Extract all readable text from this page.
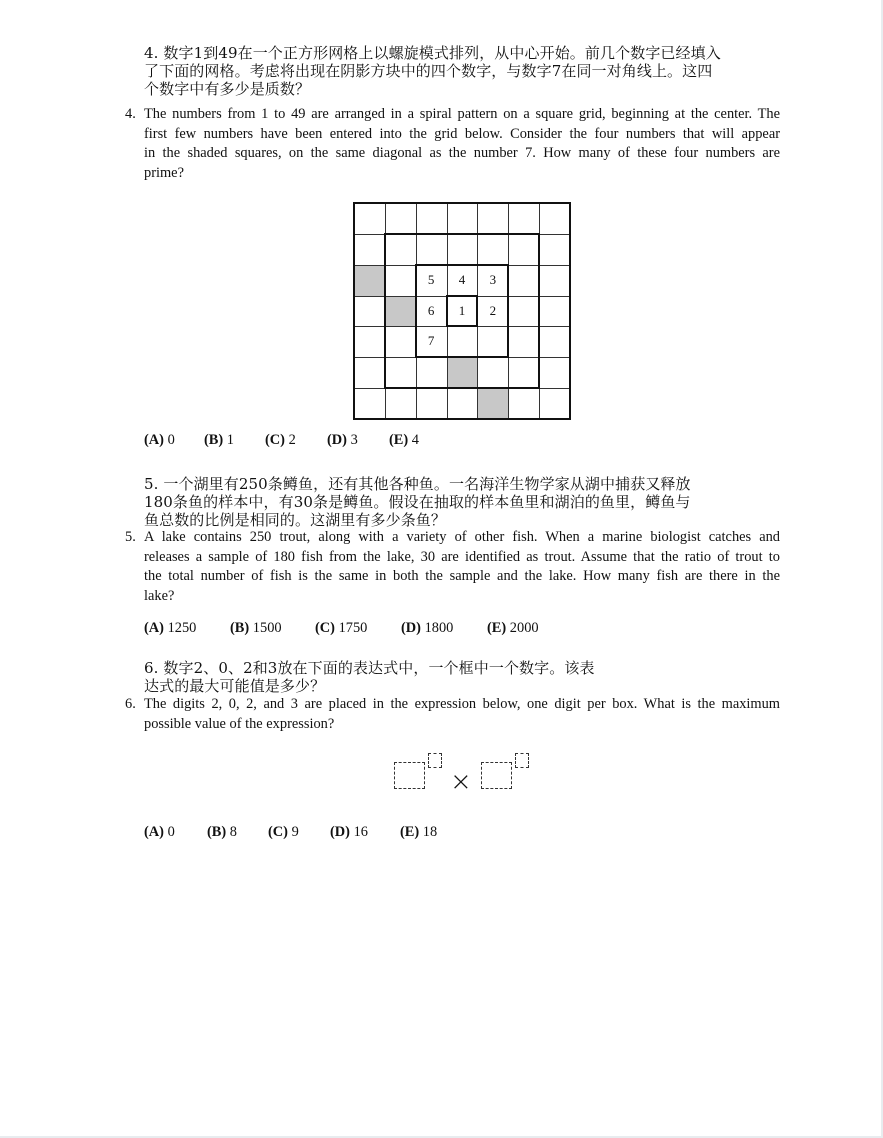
4. 数字1到49在一个正方形网格上以螺旋模式排列，从中心开始。前几个数字已经填入
了下面的网格。考虑将出现在阴影方块中的四个数字，与数字7在同一对角线上。这四
个数字中有多少是质数？
4. The numbers from 1 to 49 are arranged in a spiral pattern on a square grid, beginning at the center. The
first few numbers have been entered into the grid below. Consider the four numbers that will appear
in the shaded squares, on the same diagonal as the number 7. How many of these four numbers are
prime?
5	4	3
6	1	2
7
(A) 0 (B) 1 (C) 2 (D) 3 (E) 4
5. 一个湖里有250条鳟鱼，还有其他各种鱼。一名海洋生物学家从湖中捕获又释放
180条鱼的样本中，有30条是鳟鱼。假设在抽取的样本鱼里和湖泊的鱼里，鳟鱼与
鱼总数的比例是相同的。这湖里有多少条鱼？
5. A lake contains 250 trout, along with a variety of other fish. When a marine biologist catches and
releases a sample of 180 fish from the lake, 30 are identified as trout. Assume that the ratio of trout to
the total number of fish is the same in both the sample and the lake. How many fish are there in the
lake?
(A) 1250 (B) 1500 (C) 1750 (D) 1800 (E) 2000
6. 数字2、0、2和3放在下面的表达式中，一个框中一个数字。该表
达式的最大可能值是多少？
6. The digits 2, 0, 2, and 3 are placed in the expression below, one digit per box. What is the maximum
possible value of the expression?
×
(A) 0 (B) 8 (C) 9 (D) 16 (E) 18
